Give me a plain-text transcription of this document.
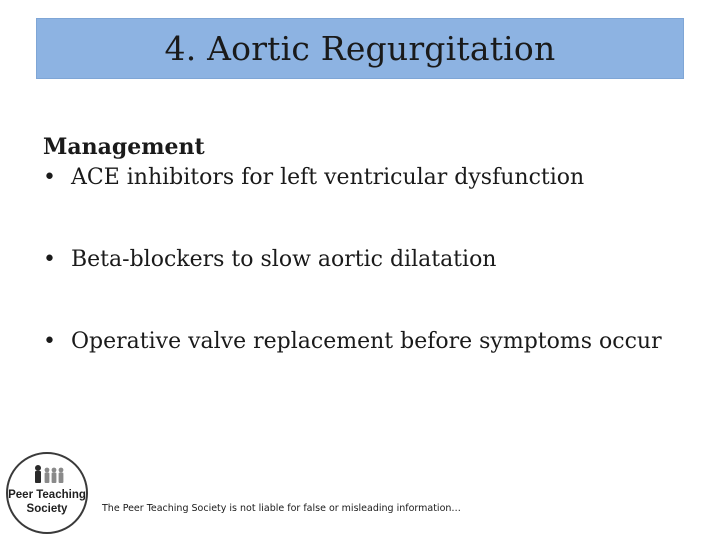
4. Aortic Regurgitation
Management
• ACE inhibitors for left ventricular dysfunction
• Beta-blockers to slow aortic dilatation
• Operative valve replacement before symptoms occur
Peer Teaching
Society	The Peer Teaching Society is not liable for false or misleading information…
